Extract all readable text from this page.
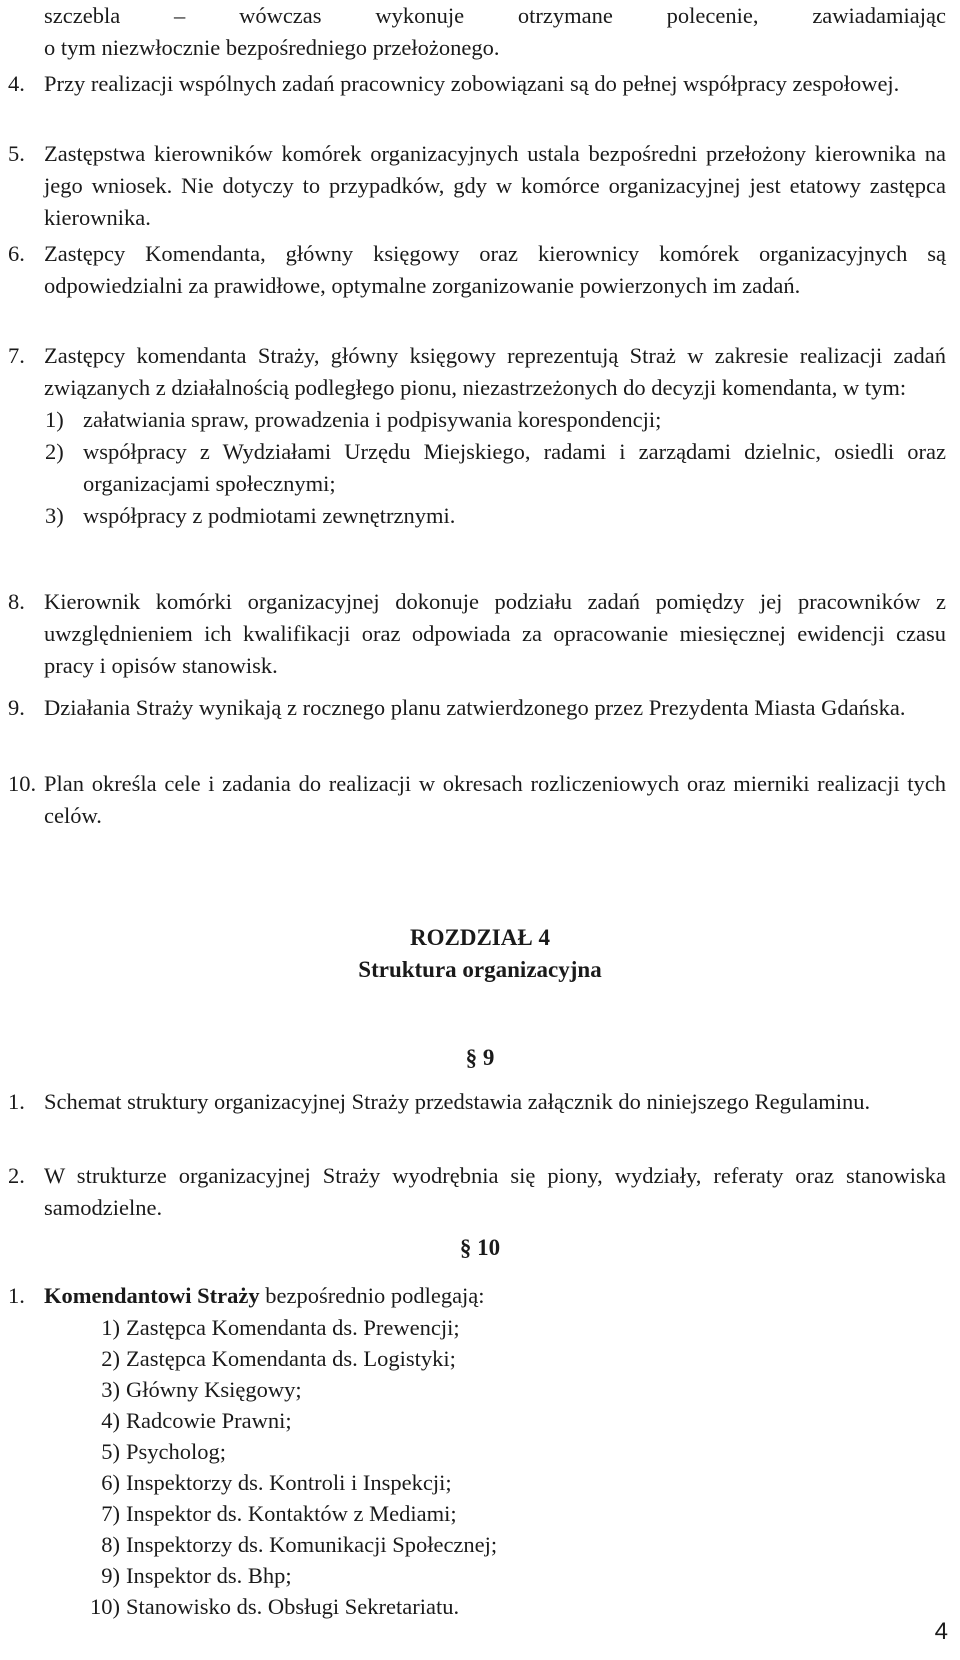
szczebla – wówczas wykonuje otrzymane polecenie, zawiadamiając
o tym niezwłocznie bezpośredniego przełożonego.
4. Przy realizacji wspólnych zadań pracownicy zobowiązani są do pełnej współpracy zespołowej.
5. Zastępstwa kierowników komórek organizacyjnych ustala bezpośredni przełożony kierownika na jego wniosek. Nie dotyczy to przypadków, gdy w komórce organizacyjnej jest etatowy zastępca kierownika.
6. Zastępcy Komendanta, główny księgowy oraz kierownicy komórek organizacyjnych są odpowiedzialni za prawidłowe, optymalne zorganizowanie powierzonych im zadań.
7. Zastępcy komendanta Straży, główny księgowy reprezentują Straż w zakresie realizacji zadań związanych z działalnością podległego pionu, niezastrzeżonych do decyzji komendanta, w tym:
1) załatwiania spraw, prowadzenia i podpisywania korespondencji;
2) współpracy z Wydziałami Urzędu Miejskiego, radami i zarządami dzielnic, osiedli oraz organizacjami społecznymi;
3) współpracy z podmiotami zewnętrznymi.
8. Kierownik komórki organizacyjnej dokonuje podziału zadań pomiędzy jej pracowników z uwzględnieniem ich kwalifikacji oraz odpowiada za opracowanie miesięcznej ewidencji czasu pracy i opisów stanowisk.
9. Działania Straży wynikają z rocznego planu zatwierdzonego przez Prezydenta Miasta Gdańska.
10. Plan określa cele i zadania do realizacji w okresach rozliczeniowych oraz mierniki realizacji tych celów.
ROZDZIAŁ 4
Struktura organizacyjna
§ 9
1. Schemat struktury organizacyjnej Straży przedstawia załącznik do niniejszego Regulaminu.
2. W strukturze organizacyjnej Straży wyodrębnia się piony, wydziały, referaty oraz stanowiska samodzielne.
§ 10
1. Komendantowi Straży bezpośrednio podlegają:
1) Zastępca Komendanta ds. Prewencji;
2) Zastępca Komendanta ds. Logistyki;
3) Główny Księgowy;
4) Radcowie Prawni;
5) Psycholog;
6) Inspektorzy ds. Kontroli i Inspekcji;
7) Inspektor ds. Kontaktów z Mediami;
8) Inspektorzy ds. Komunikacji Społecznej;
9) Inspektor ds. Bhp;
10) Stanowisko ds. Obsługi Sekretariatu.
4
